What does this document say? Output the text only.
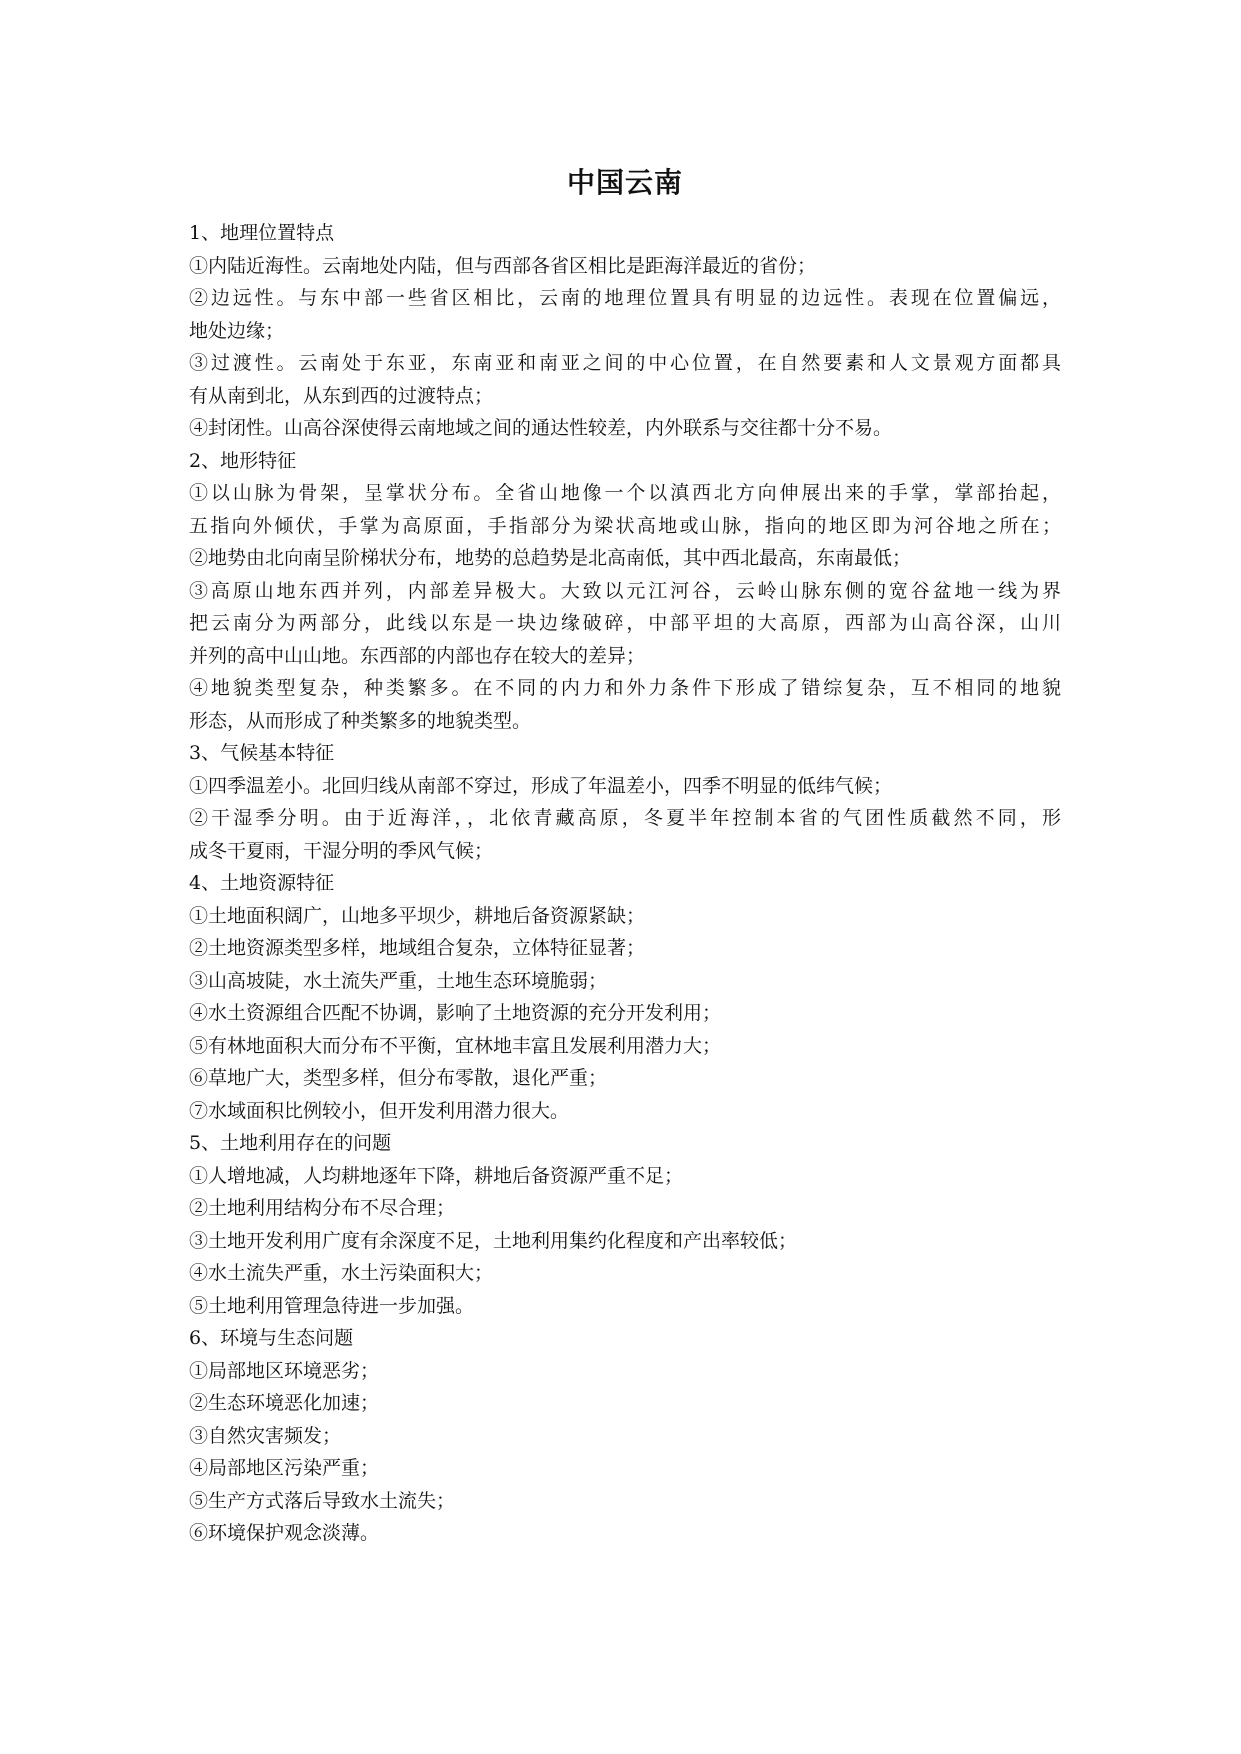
中国云南
1、地理位置特点
①内陆近海性。云南地处内陆，但与西部各省区相比是距海洋最近的省份；
②边远性。与东中部一些省区相比，云南的地理位置具有明显的边远性。表现在位置偏远，
地处边缘；
③过渡性。云南处于东亚，东南亚和南亚之间的中心位置，在自然要素和人文景观方面都具
有从南到北，从东到西的过渡特点；
④封闭性。山高谷深使得云南地域之间的通达性较差，内外联系与交往都十分不易。
2、地形特征
①以山脉为骨架，呈掌状分布。全省山地像一个以滇西北方向伸展出来的手掌，掌部抬起，
五指向外倾伏，手掌为高原面，手指部分为梁状高地或山脉，指向的地区即为河谷地之所在；
②地势由北向南呈阶梯状分布，地势的总趋势是北高南低，其中西北最高，东南最低；
③高原山地东西并列，内部差异极大。大致以元江河谷，云岭山脉东侧的宽谷盆地一线为界
把云南分为两部分，此线以东是一块边缘破碎，中部平坦的大高原，西部为山高谷深，山川
并列的高中山山地。东西部的内部也存在较大的差异；
④地貌类型复杂，种类繁多。在不同的内力和外力条件下形成了错综复杂，互不相同的地貌
形态，从而形成了种类繁多的地貌类型。
3、气候基本特征
①四季温差小。北回归线从南部不穿过，形成了年温差小，四季不明显的低纬气候；
②干湿季分明。由于近海洋，，北依青藏高原，冬夏半年控制本省的气团性质截然不同，形
成冬干夏雨，干湿分明的季风气候；
4、土地资源特征
①土地面积阔广，山地多平坝少，耕地后备资源紧缺；
②土地资源类型多样，地域组合复杂，立体特征显著；
③山高坡陡，水土流失严重，土地生态环境脆弱；
④水土资源组合匹配不协调，影响了土地资源的充分开发利用；
⑤有林地面积大而分布不平衡，宜林地丰富且发展利用潜力大；
⑥草地广大，类型多样，但分布零散，退化严重；
⑦水域面积比例较小，但开发利用潜力很大。
5、土地利用存在的问题
①人增地减，人均耕地逐年下降，耕地后备资源严重不足；
②土地利用结构分布不尽合理；
③土地开发利用广度有余深度不足，土地利用集约化程度和产出率较低；
④水土流失严重，水土污染面积大；
⑤土地利用管理急待进一步加强。
6、环境与生态问题
①局部地区环境恶劣；
②生态环境恶化加速；
③自然灾害频发；
④局部地区污染严重；
⑤生产方式落后导致水土流失；
⑥环境保护观念淡薄。
